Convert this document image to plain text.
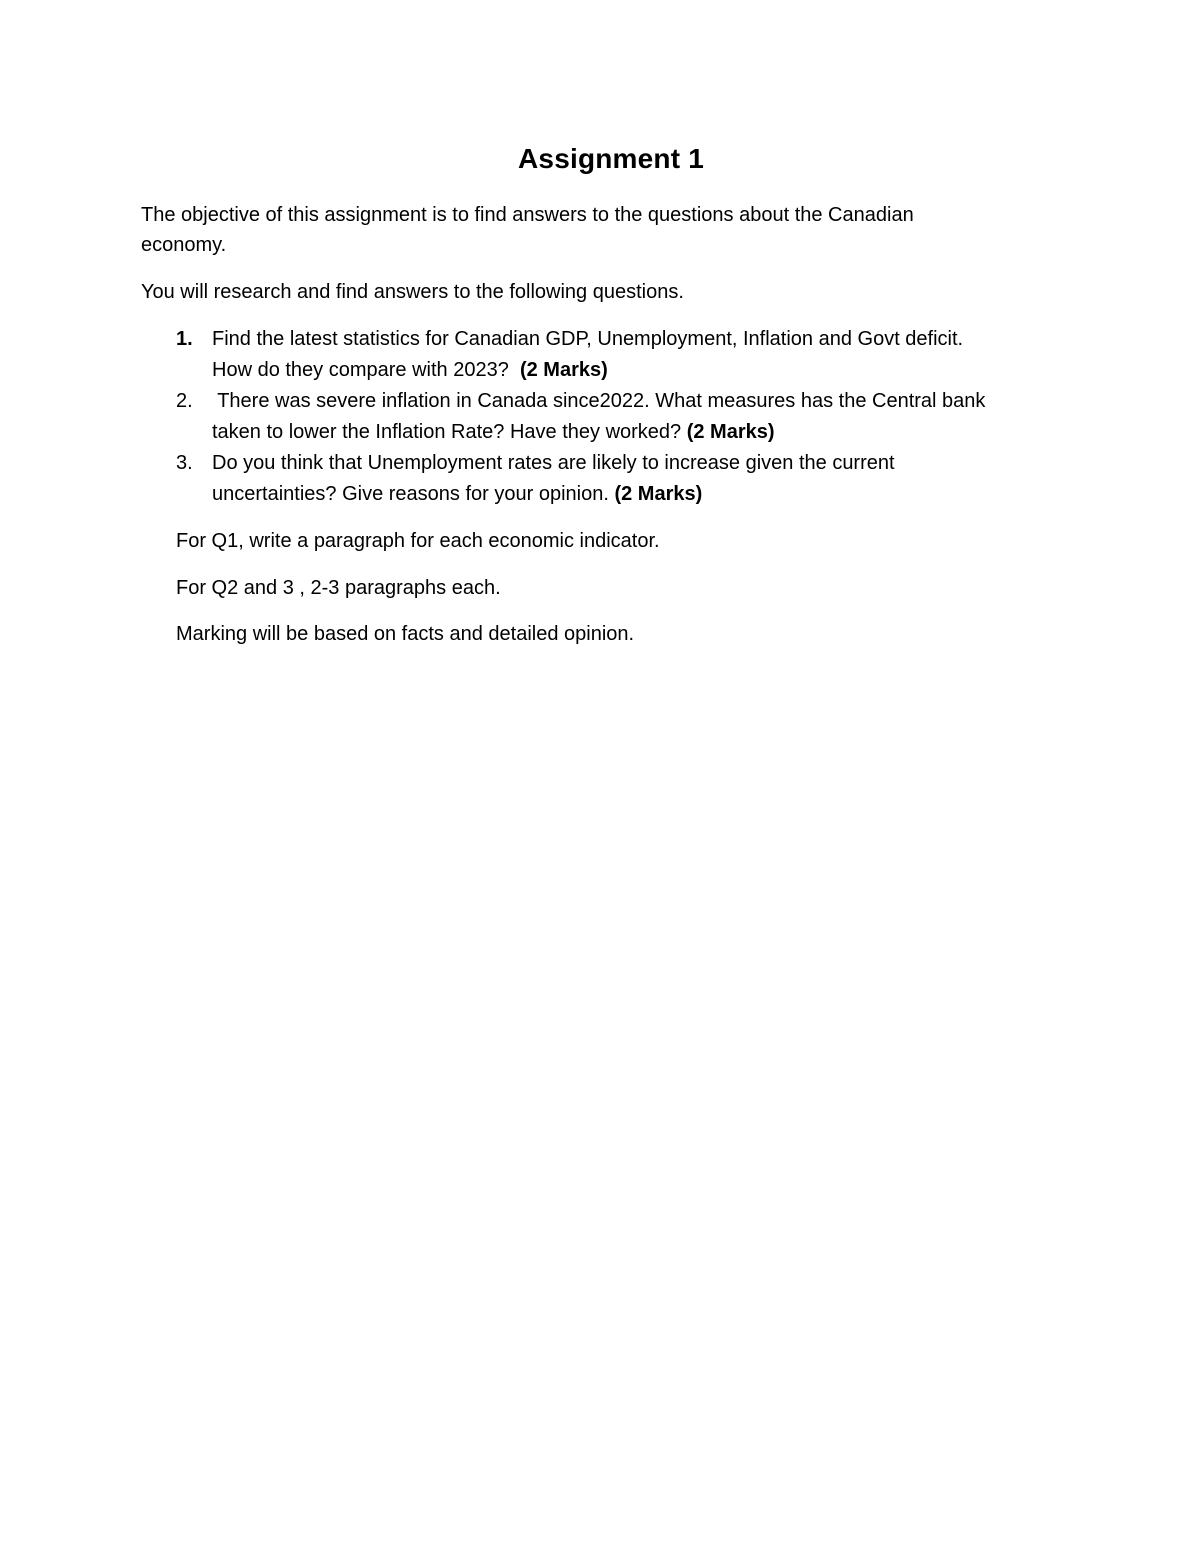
Assignment 1
The objective of this assignment is to find answers to the questions about the Canadian
economy.
You will research and find answers to the following questions.
1. Find the latest statistics for Canadian GDP, Unemployment, Inflation and Govt deficit.
How do they compare with 2023?  (2 Marks)
2. There was severe inflation in Canada since2022. What measures has the Central bank
taken to lower the Inflation Rate? Have they worked? (2 Marks)
3. Do you think that Unemployment rates are likely to increase given the current
uncertainties? Give reasons for your opinion. (2 Marks)
For Q1, write a paragraph for each economic indicator.
For Q2 and 3 , 2-3 paragraphs each.
Marking will be based on facts and detailed opinion.
